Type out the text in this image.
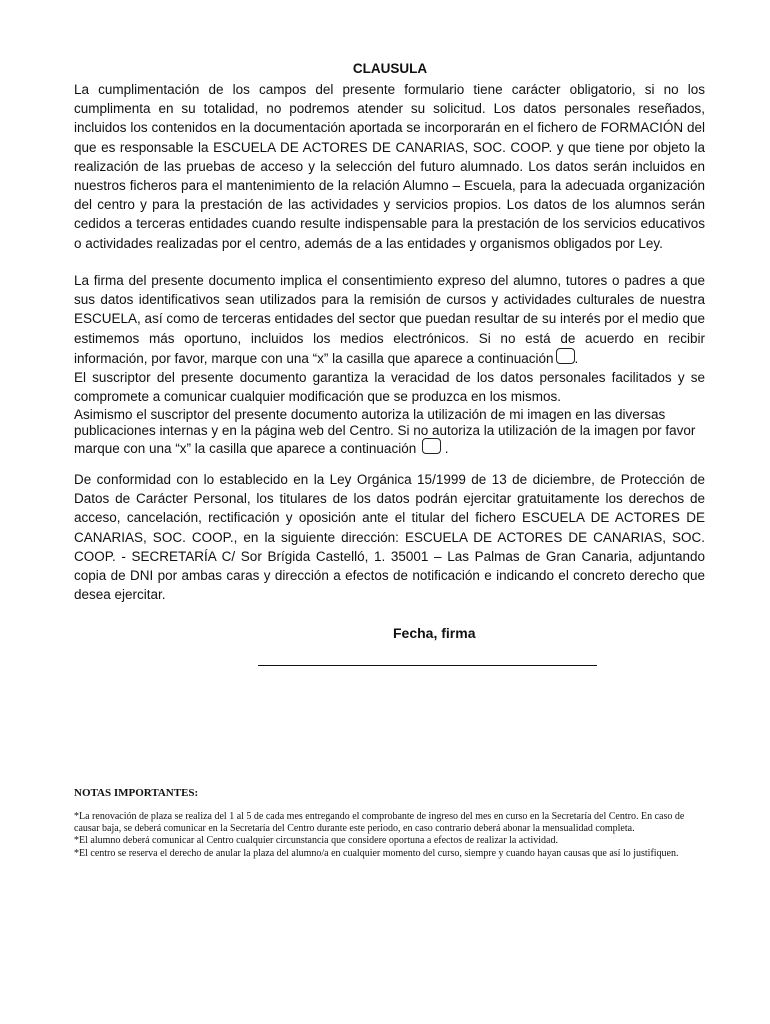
CLAUSULA

La cumplimentación de los campos del presente formulario tiene carácter obligatorio, si no los cumplimenta en su totalidad, no podremos atender su solicitud. Los datos personales reseñados, incluidos los contenidos en la documentación aportada se incorporarán en el fichero de FORMACIÓN del que es responsable la ESCUELA DE ACTORES DE CANARIAS, SOC. COOP. y que tiene por objeto la realización de las pruebas de acceso y la selección del futuro alumnado. Los datos serán incluidos en nuestros ficheros para el mantenimiento de la relación Alumno – Escuela, para la adecuada organización del centro y para la prestación de las actividades y servicios propios. Los datos de los alumnos serán cedidos a terceras entidades cuando resulte indispensable para la prestación de los servicios educativos o actividades realizadas por el centro, además de a las entidades y organismos obligados por Ley.

La firma del presente documento implica el consentimiento expreso del alumno, tutores o padres a que sus datos identificativos sean utilizados para la remisión de cursos y actividades culturales de nuestra ESCUELA, así como de terceras entidades del sector que puedan resultar de su interés por el medio que estimemos más oportuno, incluidos los medios electrónicos. Si no está de acuerdo en recibir información, por favor, marque con una “x” la casilla que aparece a continuación .

El suscriptor del presente documento garantiza la veracidad de los datos personales facilitados y se compromete a comunicar cualquier modificación que se produzca en los mismos.

Asimismo el suscriptor del presente documento autoriza la utilización de mi imagen en las diversas publicaciones internas y en la página web del Centro. Si no autoriza la utilización de la imagen por favor marque con una “x” la casilla que aparece a continuación .

De conformidad con lo establecido en la Ley Orgánica 15/1999 de 13 de diciembre, de Protección de Datos de Carácter Personal, los titulares de los datos podrán ejercitar gratuitamente los derechos de acceso, cancelación, rectificación y oposición ante el titular del fichero ESCUELA DE ACTORES DE CANARIAS, SOC. COOP., en la siguiente dirección: ESCUELA DE ACTORES DE CANARIAS, SOC. COOP. - SECRETARÍA C/ Sor Brígida Castelló, 1. 35001 – Las Palmas de Gran Canaria, adjuntando copia de DNI por ambas caras y dirección a efectos de notificación e indicando el concreto derecho que desea ejercitar.

Fecha, firma
NOTAS IMPORTANTES:

*La renovación de plaza se realiza del 1 al 5 de cada mes entregando el comprobante de ingreso del mes en curso en la Secretaría del Centro. En caso de causar baja, se deberá comunicar en la Secretaría del Centro durante este periodo, en caso contrario deberá abonar la mensualidad completa.

*El alumno deberá comunicar al Centro cualquier circunstancia que considere oportuna a efectos de realizar la actividad.

*El centro se reserva el derecho de anular la plaza del alumno/a en cualquier momento del curso, siempre y cuando hayan causas que así lo justifiquen.
